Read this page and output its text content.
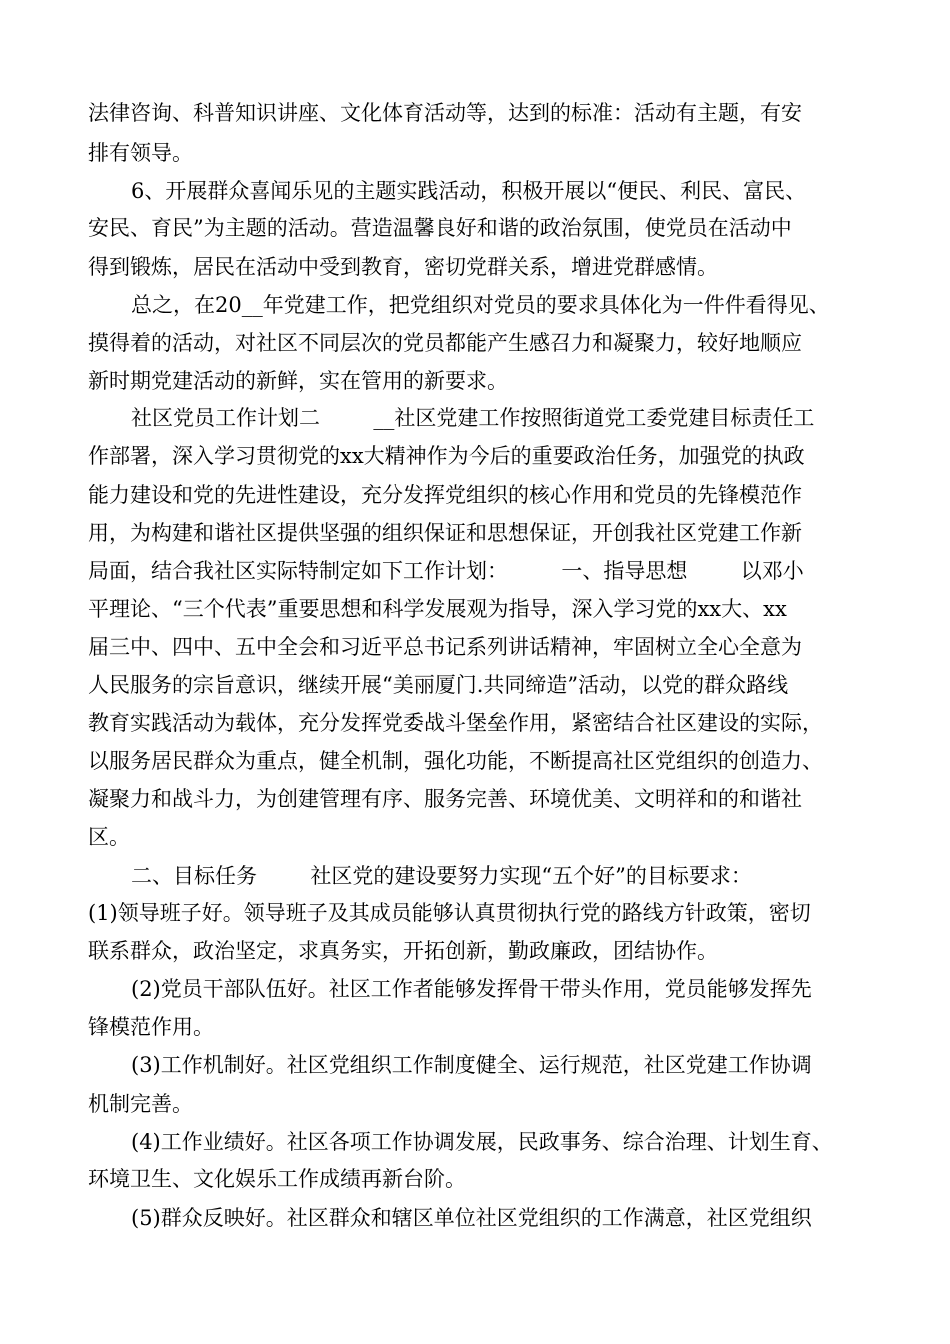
法律咨询、科普知识讲座、文化体育活动等，达到的标准：活动有主题，有安
排有领导。
6、开展群众喜闻乐见的主题实践活动，积极开展以“便民、利民、富民、
安民、育民”为主题的活动。营造温馨良好和谐的政治氛围，使党员在活动中
得到锻炼，居民在活动中受到教育，密切党群关系，增进党群感情。
总之，在20__年党建工作，把党组织对党员的要求具体化为一件件看得见、
摸得着的活动，对社区不同层次的党员都能产生感召力和凝聚力，较好地顺应
新时期党建活动的新鲜，实在管用的新要求。
社区党员工作计划二        __社区党建工作按照街道党工委党建目标责任工
作部署，深入学习贯彻党的xx大精神作为今后的重要政治任务，加强党的执政
能力建设和党的先进性建设，充分发挥党组织的核心作用和党员的先锋模范作
用，为构建和谐社区提供坚强的组织保证和思想保证，开创我社区党建工作新
局面，结合我社区实际特制定如下工作计划：        一、指导思想        以邓小
平理论、“三个代表”重要思想和科学发展观为指导，深入学习党的xx大、xx
届三中、四中、五中全会和习近平总书记系列讲话精神，牢固树立全心全意为
人民服务的宗旨意识，继续开展“美丽厦门.共同缔造”活动，以党的群众路线
教育实践活动为载体，充分发挥党委战斗堡垒作用，紧密结合社区建设的实际，
以服务居民群众为重点，健全机制，强化功能，不断提高社区党组织的创造力、
凝聚力和战斗力，为创建管理有序、服务完善、环境优美、文明祥和的和谐社
区。
二、目标任务        社区党的建设要努力实现“五个好”的目标要求：
(1)领导班子好。领导班子及其成员能够认真贯彻执行党的路线方针政策，密切
联系群众，政治坚定，求真务实，开拓创新，勤政廉政，团结协作。
(2)党员干部队伍好。社区工作者能够发挥骨干带头作用，党员能够发挥先
锋模范作用。
(3)工作机制好。社区党组织工作制度健全、运行规范，社区党建工作协调
机制完善。
(4)工作业绩好。社区各项工作协调发展，民政事务、综合治理、计划生育、
环境卫生、文化娱乐工作成绩再新台阶。
(5)群众反映好。社区群众和辖区单位社区党组织的工作满意，社区党组织
